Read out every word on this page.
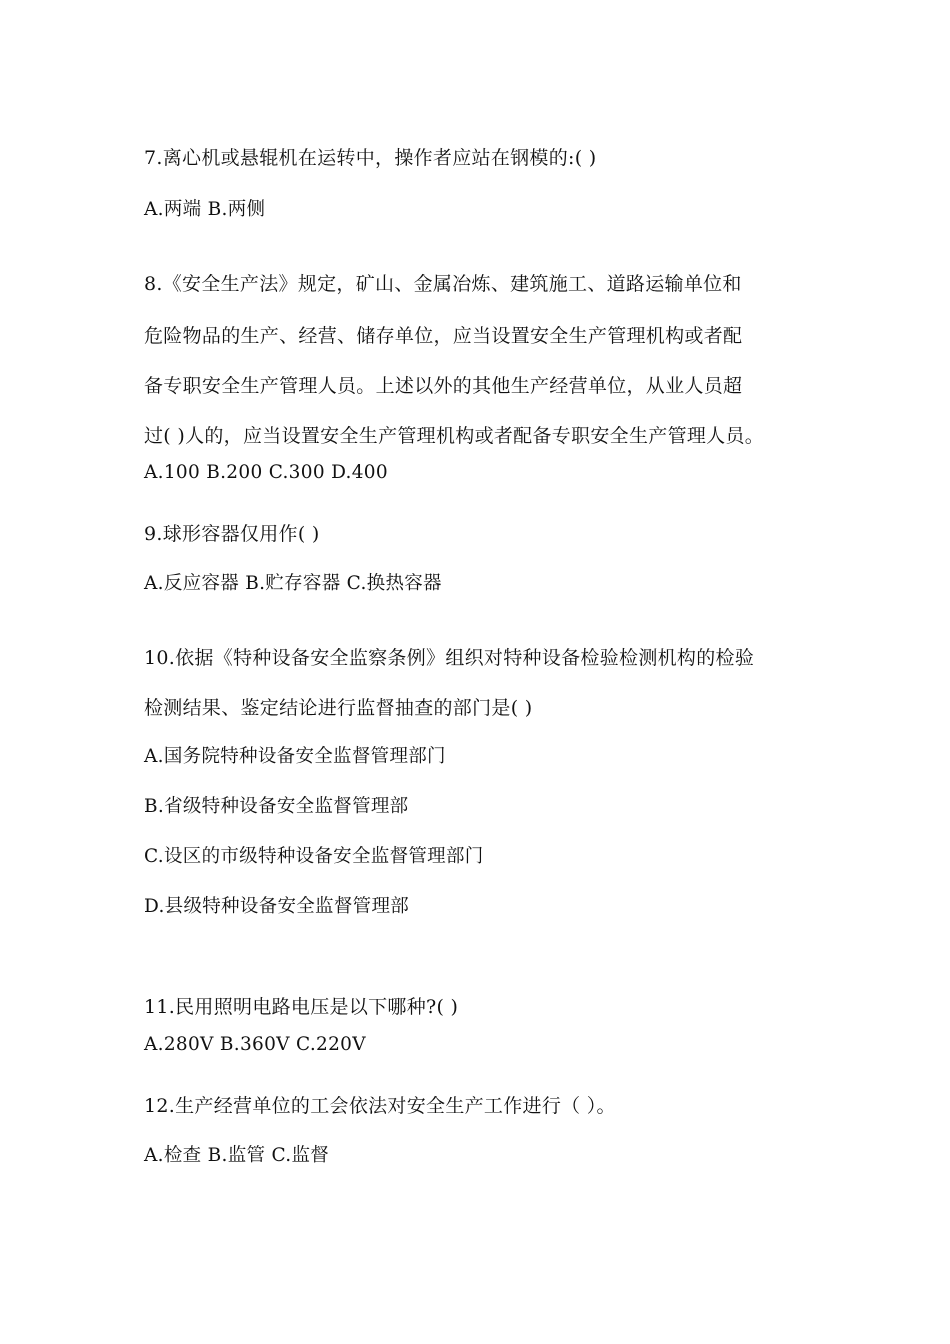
7.离心机或悬辊机在运转中，操作者应站在钢模的:( )
A.两端 B.两侧
8.《安全生产法》规定，矿山、金属冶炼、建筑施工、道路运输单位和
危险物品的生产、经营、储存单位，应当设置安全生产管理机构或者配
备专职安全生产管理人员。上述以外的其他生产经营单位，从业人员超
过( )人的，应当设置安全生产管理机构或者配备专职安全生产管理人员。
A.100 B.200 C.300 D.400
9.球形容器仅用作( )
A.反应容器 B.贮存容器 C.换热容器
10.依据《特种设备安全监察条例》组织对特种设备检验检测机构的检验
检测结果、鉴定结论进行监督抽查的部门是( )
A.国务院特种设备安全监督管理部门
B.省级特种设备安全监督管理部
C.设区的市级特种设备安全监督管理部门
D.县级特种设备安全监督管理部
11.民用照明电路电压是以下哪种?( )
A.280V B.360V C.220V
12.生产经营单位的工会依法对安全生产工作进行（ ）。
A.检查 B.监管 C.监督
